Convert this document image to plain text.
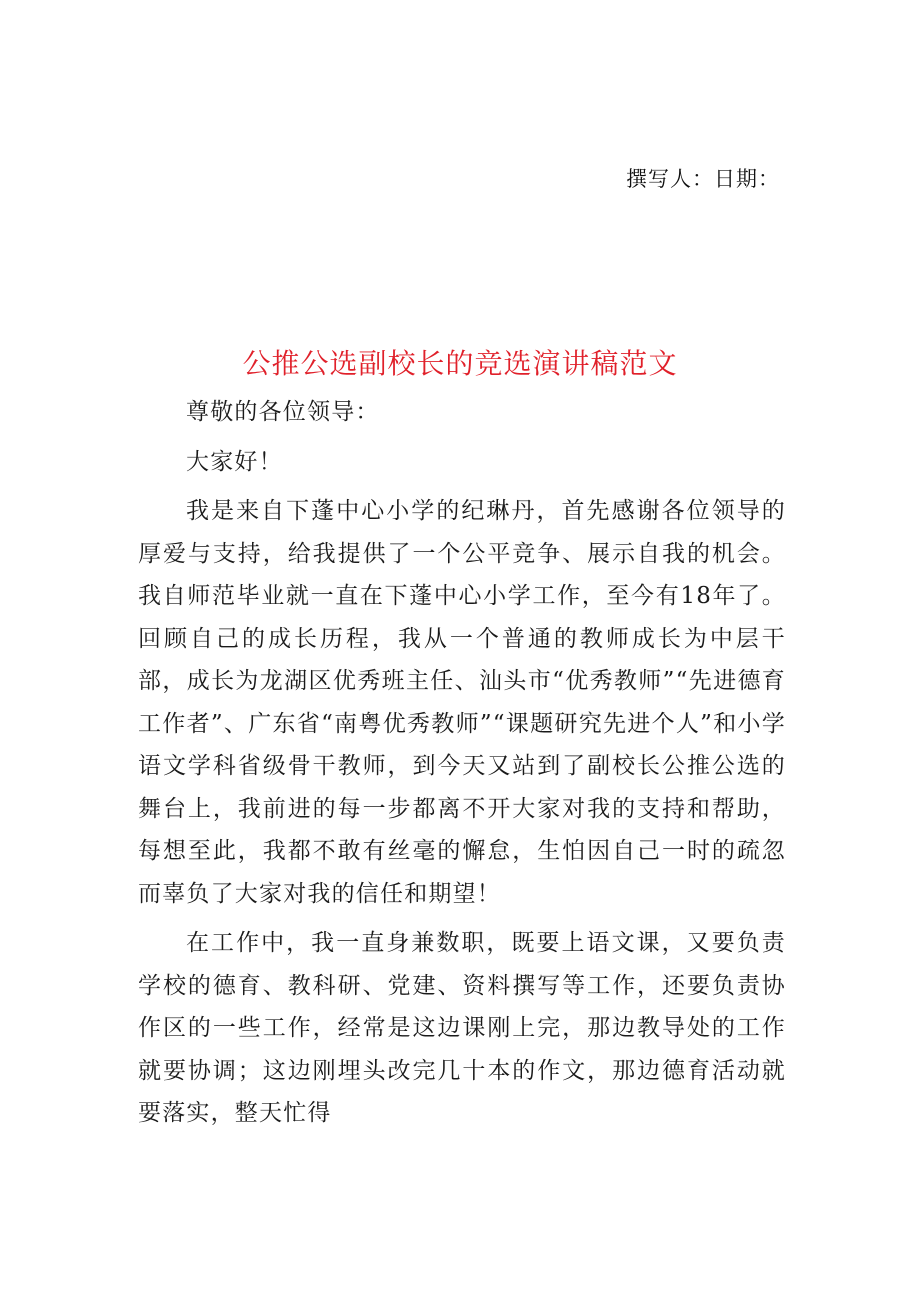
撰写人：日期：
公推公选副校长的竞选演讲稿范文

尊敬的各位领导：

大家好！

我是来自下蓬中心小学的纪琳丹，首先感谢各位领导的厚爱与支持，给我提供了一个公平竞争、展示自我的机会。我自师范毕业就一直在下蓬中心小学工作，至今有18年了。回顾自己的成长历程，我从一个普通的教师成长为中层干部，成长为龙湖区优秀班主任、汕头市“优秀教师”“先进德育工作者”、广东省“南粤优秀教师”“课题研究先进个人”和小学语文学科省级骨干教师，到今天又站到了副校长公推公选的舞台上，我前进的每一步都离不开大家对我的支持和帮助，每想至此，我都不敢有丝毫的懈怠，生怕因自己一时的疏忽而辜负了大家对我的信任和期望！

在工作中，我一直身兼数职，既要上语文课，又要负责学校的德育、教科研、党建、资料撰写等工作，还要负责协作区的一些工作，经常是这边课刚上完，那边教导处的工作就要协调；这边刚埋头改完几十本的作文，那边德育活动就要落实，整天忙得
